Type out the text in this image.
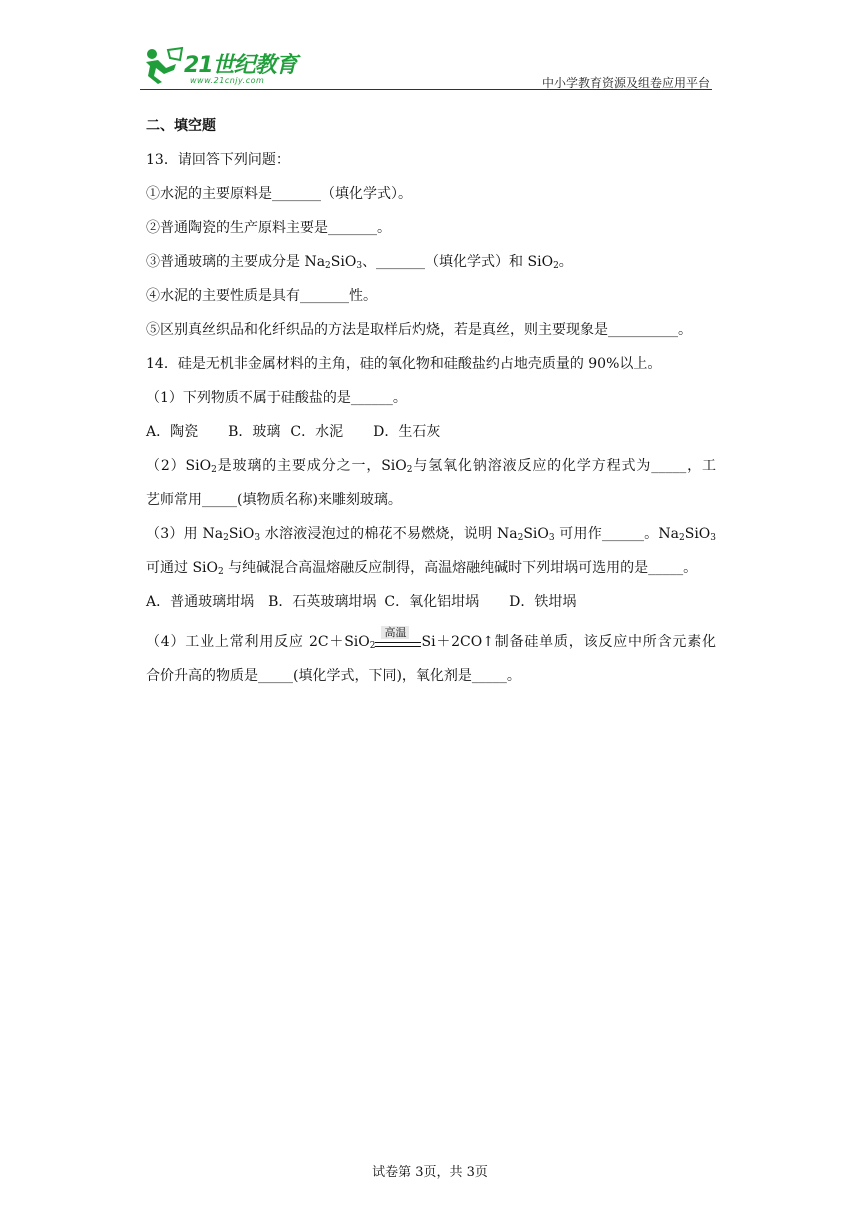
21世纪教育
www.21cnjy.com	中小学教育资源及组卷应用平台

二、填空题

13．请回答下列问题：

①水泥的主要原料是_______（填化学式）。

②普通陶瓷的生产原料主要是_______。

③普通玻璃的主要成分是 $Na_2SiO_3$、_______（填化学式）和 SiO$_2$。

④水泥的主要性质是具有_______性。

⑤区别真丝织品和化纤织品的方法是取样后灼烧，若是真丝，则主要现象是__________。

14．硅是无机非金属材料的主角，硅的氧化物和硅酸盐约占地壳质量的 90%以上。

（1）下列物质不属于硅酸盐的是______。

A．陶瓷 B．玻璃 C．水泥 D．生石灰

（2）SiO$_2$是玻璃的主要成分之一，SiO$_2$与氢氧化钠溶液反应的化学方程式为_____，工

艺师常用_____(填物质名称)来雕刻玻璃。

（3）用 $Na_2SiO_3$ 水溶液浸泡过的棉花不易燃烧，说明 $Na_2SiO_3$ 可用作______。$Na_2SiO_3$

可通过 SiO$_2$ 与纯碱混合高温熔融反应制得，高温熔融纯碱时下列坩埚可选用的是_____。

A．普通玻璃坩埚 B．石英玻璃坩埚 C．氧化铝坩埚 D．铁坩埚

（4）工业上常利用反应 2C＋SiO$_2$
高温
Si＋2CO↑制备硅单质，该反应中所含元素化

合价升高的物质是_____(填化学式，下同)，氧化剂是_____。

试卷第 3页，共 3页
